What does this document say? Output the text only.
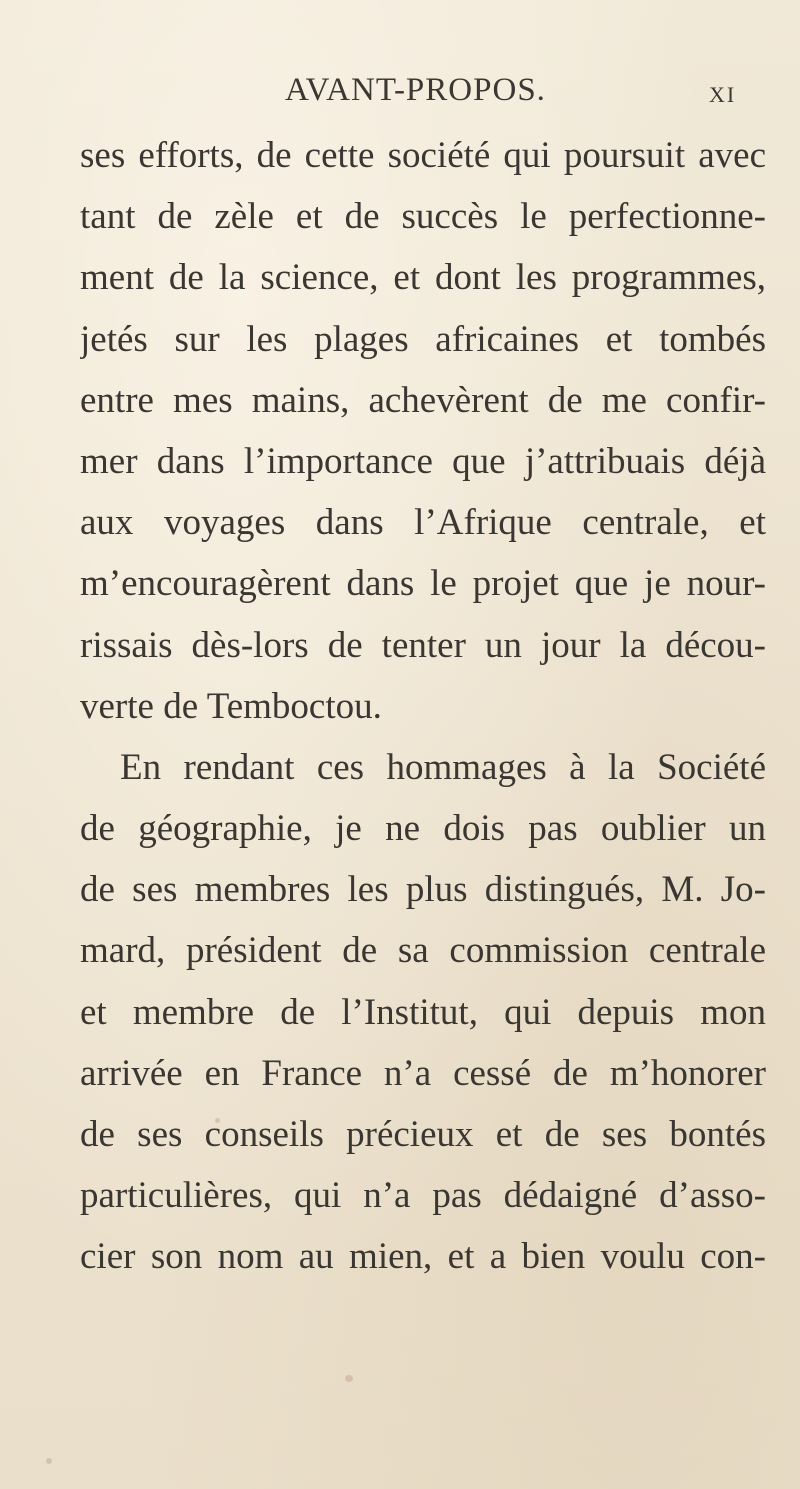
AVANT-PROPOS.	XI
ses efforts, de cette société qui poursuit avec
tant de zèle et de succès le perfectionne-
ment de la science, et dont les programmes,
jetés sur les plages africaines et tombés
entre mes mains, achevèrent de me confir-
mer dans l’importance que j’attribuais déjà
aux voyages dans l’Afrique centrale, et
m’encouragèrent dans le projet que je nour-
rissais dès-lors de tenter un jour la décou-
verte de Temboctou.
En rendant ces hommages à la Société
de géographie, je ne dois pas oublier un
de ses membres les plus distingués, M. Jo-
mard, président de sa commission centrale
et membre de l’Institut, qui depuis mon
arrivée en France n’a cessé de m’honorer
de ses conseils précieux et de ses bontés
particulières, qui n’a pas dédaigné d’asso-
cier son nom au mien, et a bien voulu con-
